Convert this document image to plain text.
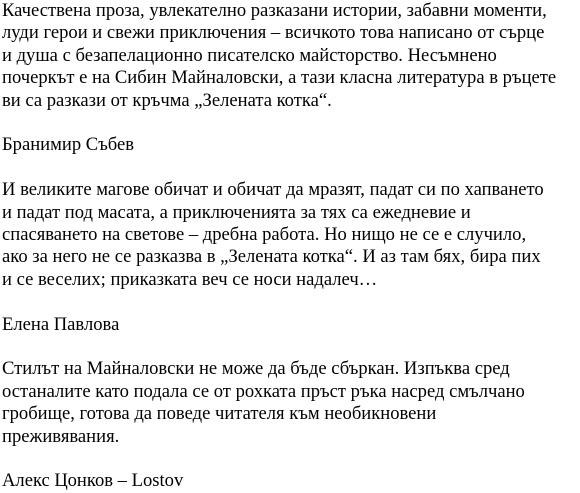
Качествена проза, увлекателно разказани истории, забавни моменти,
луди герои и свежи приключения – всичкото това написано от сърце
и душа с безапелационно писателско майсторство. Несъмнено
почеркът е на Сибин Майналовски, а тази класна литература в ръцете
ви са разкази от кръчма „Зелената котка“.
Бранимир Събев
И великите магове обичат и обичат да мразят, падат си по хапването
и падат под масата, а приключенията за тях са ежедневие и
спасяването на светове – дребна работа. Но нищо не се е случило,
ако за него не се разказва в „Зелената котка“. И аз там бях, бира пих
и се веселих; приказката веч се носи надалеч…
Елена Павлова
Стилът на Майналовски не може да бъде сбъркан. Изпъква сред
останалите като подала се от рохката пръст ръка насред смълчано
гробище, готова да поведе читателя към необикновени
преживявания.
Алекс Цонков – Lostov
